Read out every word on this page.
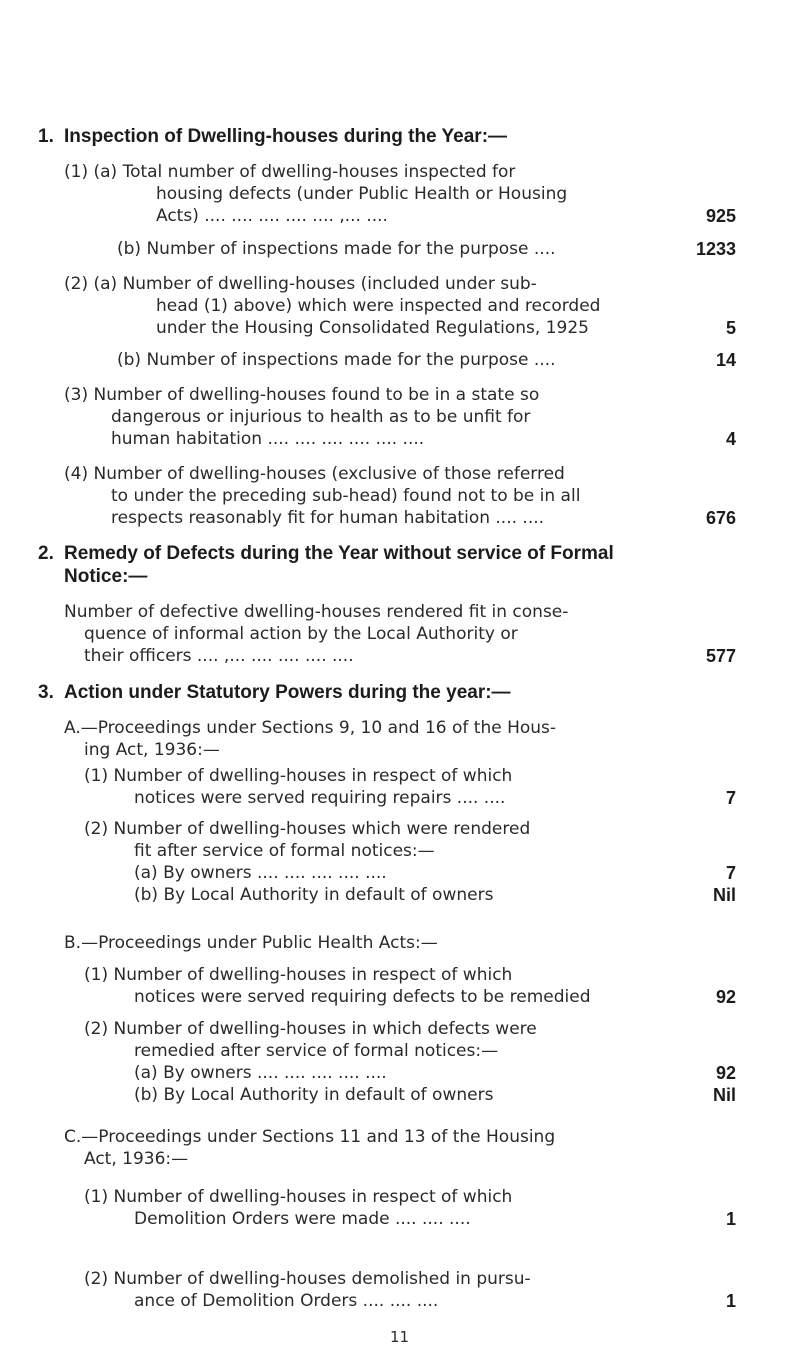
1. Inspection of Dwelling-houses during the Year:—
(1) (a) Total number of dwelling-houses inspected for
housing defects (under Public Health or Housing
Acts) .... .... .... .... .... ,... ....	925
(b) Number of inspections made for the purpose ....	1233
(2) (a) Number of dwelling-houses (included under sub-
head (1) above) which were inspected and recorded
under the Housing Consolidated Regulations, 1925	5
(b) Number of inspections made for the purpose ....	14
(3) Number of dwelling-houses found to be in a state so
dangerous or injurious to health as to be unfit for
human habitation .... .... .... .... .... ....	4
(4) Number of dwelling-houses (exclusive of those referred
to under the preceding sub-head) found not to be in all
respects reasonably fit for human habitation .... ....	676
2. Remedy of Defects during the Year without service of Formal
Notice:—
Number of defective dwelling-houses rendered fit in conse-
quence of informal action by the Local Authority or
their officers .... ,... .... .... .... ....	577
3. Action under Statutory Powers during the year:—
A.—Proceedings under Sections 9, 10 and 16 of the Hous-
ing Act, 1936:—
(1) Number of dwelling-houses in respect of which
notices were served requiring repairs .... ....	7
(2) Number of dwelling-houses which were rendered
fit after service of formal notices:—
(a) By owners .... .... .... .... ....	7
(b) By Local Authority in default of owners	Nil
B.—Proceedings under Public Health Acts:—
(1) Number of dwelling-houses in respect of which
notices were served requiring defects to be remedied	92
(2) Number of dwelling-houses in which defects were
remedied after service of formal notices:—
(a) By owners .... .... .... .... ....	92
(b) By Local Authority in default of owners	Nil
C.—Proceedings under Sections 11 and 13 of the Housing
Act, 1936:—
(1) Number of dwelling-houses in respect of which
Demolition Orders were made .... .... ....	1
(2) Number of dwelling-houses demolished in pursu-
ance of Demolition Orders .... .... ....	1
11
